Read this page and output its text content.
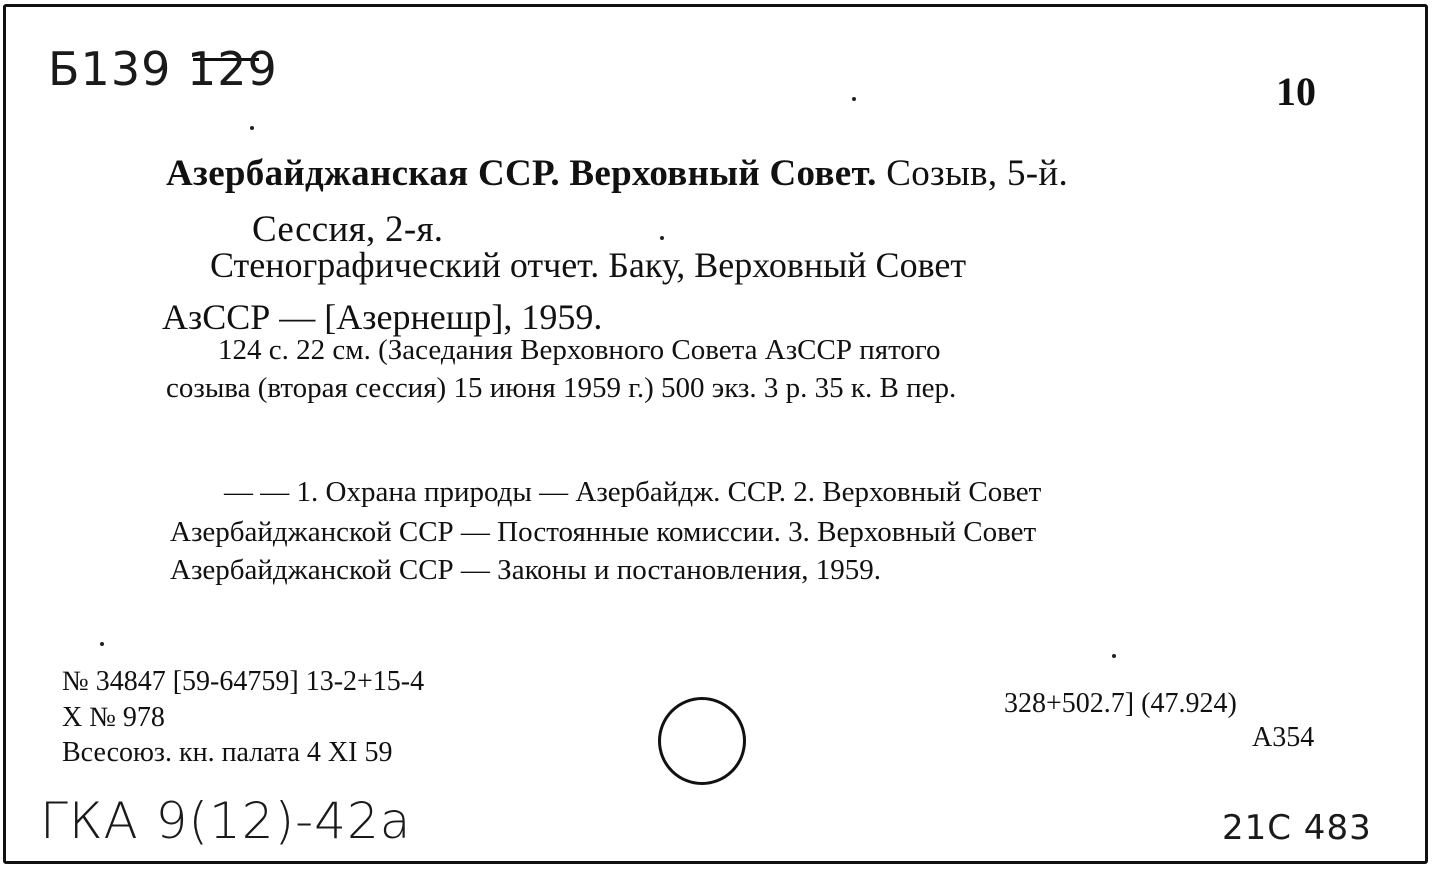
Б139 129	10
Азербайджанская ССР. Верховный Совет. Созыв, 5-й.
Сессия, 2-я.
Стенографический отчет. Баку, Верховный Совет
АзССР — [Азернешр], 1959.
124 с. 22 см. (Заседания Верховного Совета АзССР пятого
созыва (вторая сессия) 15 июня 1959 г.) 500 экз. 3 р. 35 к. В пер.
— — 1. Охрана природы — Азербайдж. ССР. 2. Верховный Совет
Азербайджанской ССР — Постоянные комиссии. 3. Верховный Совет
Азербайджанской ССР — Законы и постановления, 1959.
№ 34847 [59-64759] 13-2+15-4
X № 978
Всесоюз. кн. палата 4 XI 59
328+502.7] (47.924)
А354
ГКА 9(12)-42а	21С 483
